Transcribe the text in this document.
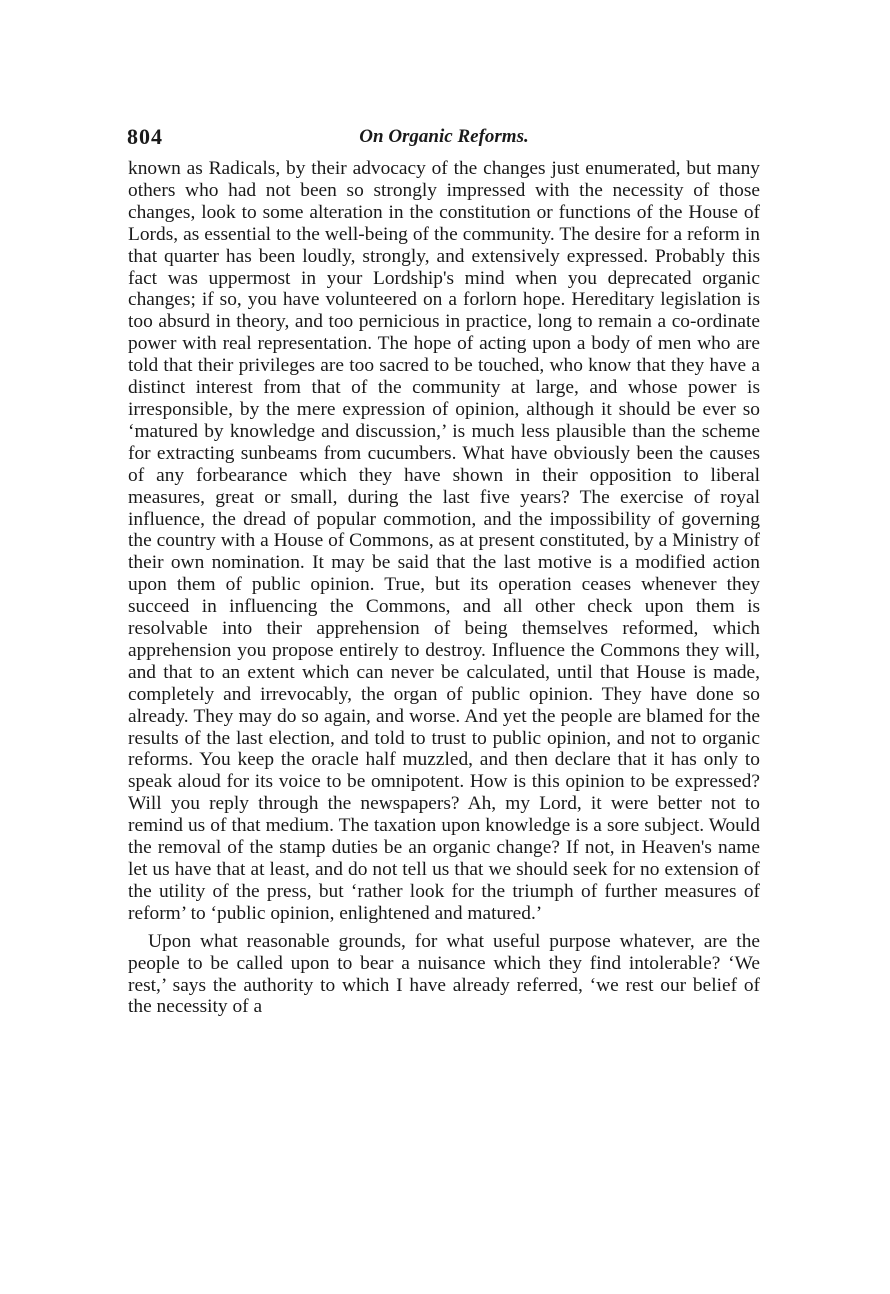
804	On Organic Reforms.

known as Radicals, by their advocacy of the changes just enumerated, but many others who had not been so strongly impressed with the necessity of those changes, look to some alteration in the constitution or functions of the House of Lords, as essential to the well-being of the community. The desire for a reform in that quarter has been loudly, strongly, and extensively expressed. Probably this fact was uppermost in your Lordship's mind when you deprecated organic changes; if so, you have volunteered on a forlorn hope. Hereditary legislation is too absurd in theory, and too pernicious in practice, long to remain a co-ordinate power with real representation. The hope of acting upon a body of men who are told that their privileges are too sacred to be touched, who know that they have a distinct interest from that of the community at large, and whose power is irresponsible, by the mere expression of opinion, although it should be ever so ‘matured by knowledge and discussion,’ is much less plausible than the scheme for extracting sunbeams from cucumbers. What have obviously been the causes of any forbearance which they have shown in their opposition to liberal measures, great or small, during the last five years? The exercise of royal influence, the dread of popular commotion, and the impossibility of governing the country with a House of Commons, as at present constituted, by a Ministry of their own nomination. It may be said that the last motive is a modified action upon them of public opinion. True, but its operation ceases whenever they succeed in influencing the Commons, and all other check upon them is resolvable into their apprehension of being themselves reformed, which apprehension you propose entirely to destroy. Influence the Commons they will, and that to an extent which can never be calculated, until that House is made, completely and irrevocably, the organ of public opinion. They have done so already. They may do so again, and worse. And yet the people are blamed for the results of the last election, and told to trust to public opinion, and not to organic reforms. You keep the oracle half muzzled, and then declare that it has only to speak aloud for its voice to be omnipotent. How is this opinion to be expressed? Will you reply through the newspapers? Ah, my Lord, it were better not to remind us of that medium. The taxation upon knowledge is a sore subject. Would the removal of the stamp duties be an organic change? If not, in Heaven's name let us have that at least, and do not tell us that we should seek for no extension of the utility of the press, but ‘rather look for the triumph of further measures of reform’ to ‘public opinion, enlightened and matured.’

Upon what reasonable grounds, for what useful purpose whatever, are the people to be called upon to bear a nuisance which they find intolerable? ‘We rest,’ says the authority to which I have already referred, ‘we rest our belief of the necessity of a
